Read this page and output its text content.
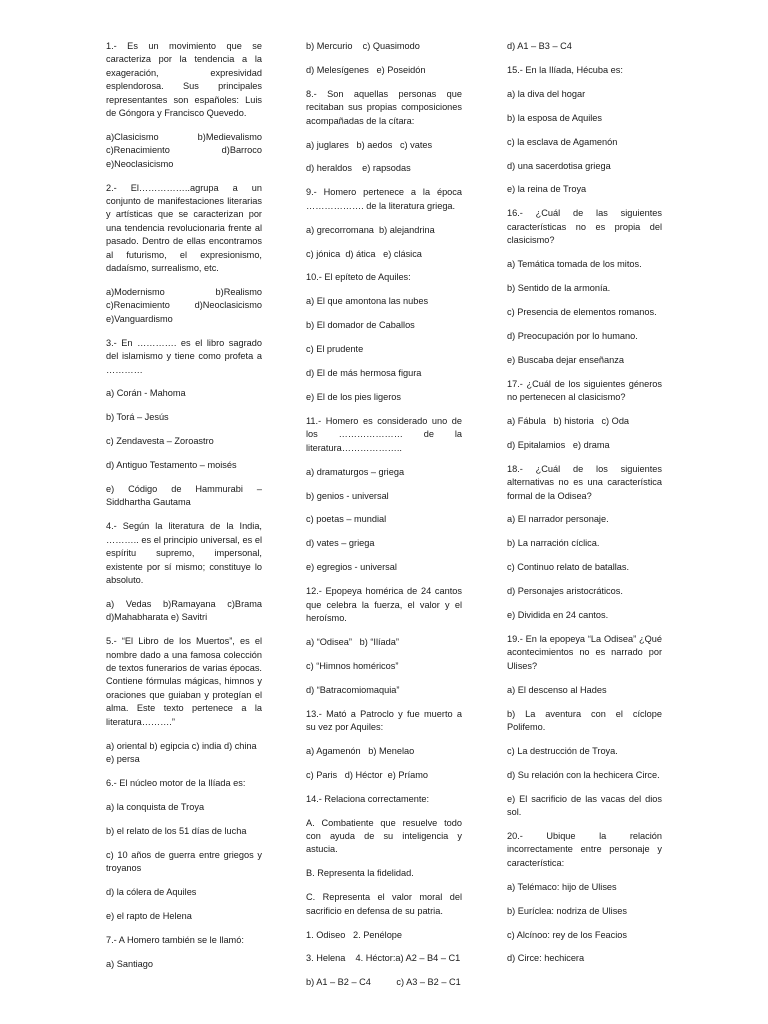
1.- Es un movimiento que se caracteriza por la tendencia a la exageración, expresividad esplendorosa. Sus principales representantes son españoles: Luis de Góngora y Francisco Quevedo.
a)Clasicismo b)Medievalismo c)Renacimiento d)Barroco e)Neoclasicismo
2.- El……………..agrupa a un conjunto de manifestaciones literarias y artísticas que se caracterizan por una tendencia revolucionaria frente al pasado. Dentro de ellas encontramos al futurismo, el expresionismo, dadaísmo, surrealismo, etc.
a)Modernismo b)Realismo c)Renacimiento d)Neoclasicismo e)Vanguardismo
3.- En …………. es el libro sagrado del islamismo y tiene como profeta a …………
a) Corán - Mahoma
b) Torá – Jesús
c) Zendavesta – Zoroastro
d) Antiguo Testamento – moisés
e) Código de Hammurabi – Siddhartha Gautama
4.- Según la literatura de la India, ……….. es el principio universal, es el espíritu supremo, impersonal, existente por sí mismo; constituye lo absoluto.
a) Vedas b)Ramayana c)Brama d)Mahabharata e) Savitri
5.- “El Libro de los Muertos”, es el nombre dado a una famosa colección de textos funerarios de varias épocas. Contiene fórmulas mágicas, himnos y oraciones que guiaban y protegían el alma. Este texto pertenece a la literatura……….”
a) oriental b) egipcia c) india d) china e) persa
6.- El núcleo motor de la Ilíada es:
a) la conquista de Troya
b) el relato de los 51 días de lucha
c) 10 años de guerra entre griegos y troyanos
d) la cólera de Aquiles
e) el rapto de Helena
7.- A Homero también se le llamó:
a) Santiago
b) Mercurio    c) Quasimodo
d) Melesígenes   e) Poseidón
8.- Son aquellas personas que recitaban sus propias composiciones acompañadas de la cítara:
a) juglares   b) aedos   c) vates
d) heraldos    e) rapsodas
9.- Homero pertenece a la época ………………. de la literatura griega.
a) grecorromana  b) alejandrina
c) jónica  d) ática   e) clásica
10.- El epíteto de Aquiles:
a) El que amontona las nubes
b) El domador de Caballos
c) El prudente
d) El de más hermosa figura
e) El de los pies ligeros
11.- Homero es considerado uno de los ………………… de la literatura………………..
a) dramaturgos – griega
b) genios - universal
c) poetas – mundial
d) vates – griega
e) egregios - universal
12.- Epopeya homérica de 24 cantos que celebra la fuerza, el valor y el heroísmo.
a) “Odisea”   b) “Ilíada”
c) “Himnos homéricos”
d) “Batracomiomaquia”
13.- Mató a Patroclo y fue muerto a su vez por Aquiles:
a) Agamenón   b) Menelao
c) Paris   d) Héctor  e) Príamo
14.- Relaciona correctamente:
A. Combatiente que resuelve todo con ayuda de su inteligencia y astucia.
B. Representa la fidelidad.
C. Representa el valor moral del sacrificio en defensa de su patria.
1. Odiseo   2. Penélope
3. Helena    4. Héctor:a) A2 – B4 – C1
b) A1 – B2 – C4          c) A3 – B2 – C1
d) A1 – B3 – C4
15.- En la Ilíada, Hécuba es:
a) la diva del hogar
b) la esposa de Aquiles
c) la esclava de Agamenón
d) una sacerdotisa griega
e) la reina de Troya
16.- ¿Cuál de las siguientes características no es propia del clasicismo?
a) Temática tomada de los mitos.
b) Sentido de la armonía.
c) Presencia de elementos romanos.
d) Preocupación por lo humano.
e) Buscaba dejar enseñanza
17.- ¿Cuál de los siguientes géneros no pertenecen al clasicismo?
a) Fábula   b) historia   c) Oda
d) Epitalamios   e) drama
18.- ¿Cuál de los siguientes alternativas no es una característica formal de la Odisea?
a) El narrador personaje.
b) La narración cíclica.
c) Continuo relato de batallas.
d) Personajes aristocráticos.
e) Dividida en 24 cantos.
19.- En la epopeya “La Odisea” ¿Qué acontecimientos no es narrado por Ulises?
a) El descenso al Hades
b) La aventura con el cíclope Polifemo.
c) La destrucción de Troya.
d) Su relación con la hechicera Circe.
e) El sacrificio de las vacas del dios sol.
20.- Ubique la relación incorrectamente entre personaje y característica:
a) Telémaco: hijo de Ulises
b) Euríclea: nodriza de Ulises
c) Alcínoo: rey de los Feacios
d) Circe: hechicera
